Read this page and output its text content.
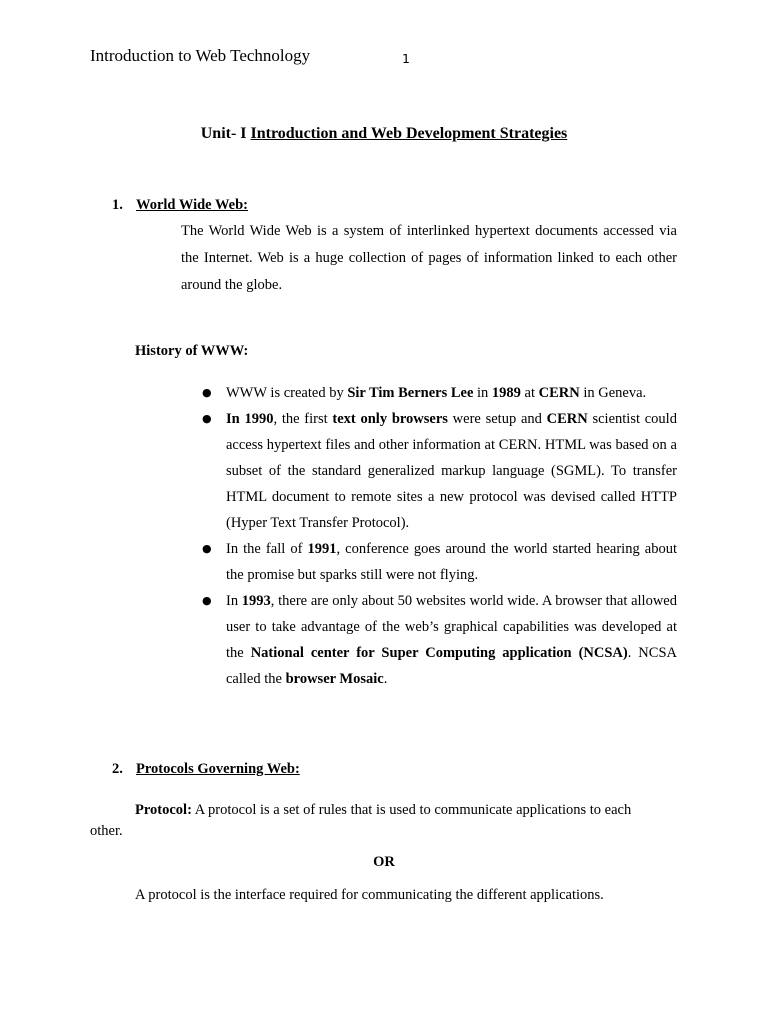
Introduction to Web Technology	1
Unit- I Introduction and Web Development Strategies
1. World Wide Web:

The World Wide Web is a system of interlinked hypertext documents accessed via the Internet. Web is a huge collection of pages of information linked to each other around the globe.

History of WWW:
● WWW is created by Sir Tim Berners Lee in 1989 at CERN in Geneva.
● In 1990, the first text only browsers were setup and CERN scientist could access hypertext files and other information at CERN. HTML was based on a subset of the standard generalized markup language (SGML). To transfer HTML document to remote sites a new protocol was devised called HTTP (Hyper Text Transfer Protocol).
● In the fall of 1991, conference goes around the world started hearing about the promise but sparks still were not flying.
● In 1993, there are only about 50 websites world wide. A browser that allowed user to take advantage of the web’s graphical capabilities was developed at the National center for Super Computing application (NCSA). NCSA called the browser Mosaic.
2. Protocols Governing Web:
Protocol: A protocol is a set of rules that is used to communicate applications to each
other.
OR
A protocol is the interface required for communicating the different applications.
